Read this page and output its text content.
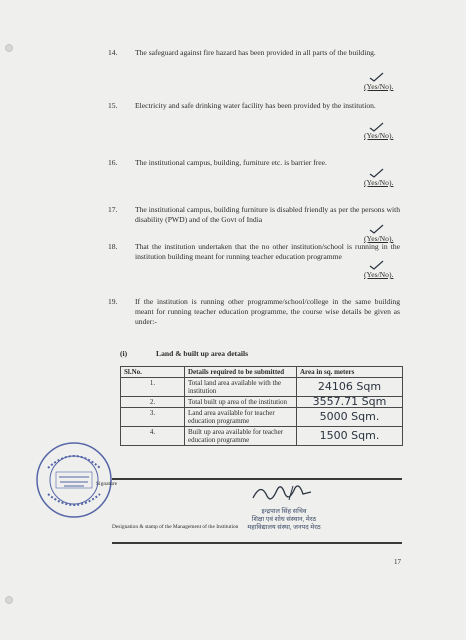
14. The safeguard against fire hazard has been provided in all parts of the building.
(Yes/No).
15. Electricity and safe drinking water facility has been provided by the institution.
(Yes/No).
16. The institutional campus, building, furniture etc. is barrier free.
(Yes/No).
17. The institutional campus, building furniture is disabled friendly as per the persons with disability (PWD) and of the Govt of India
(Yes/No).
18. That the institution undertaken that the no other institution/school is running in the institution building meant for running teacher education programme
(Yes/No).
19. If the institution is running other programme/school/college in the same building meant for running teacher education programme, the course wise details be given as under:-
(i)	Land & built up area details
Sl.No.	Details required to be submitted	Area in sq. meters
1.	Total land area available with the institution	24106 Sqm
2.	Total built up area of the institution	3557.71 Sqm
3.	Land area available for teacher education programme	5000 Sqm.
4.	Built up area available for teacher education programme	1500 Sqm.
Signature
इन्द्रपाल सिंह सचिव
शिक्षा एवं शोध संस्थान, मेरठ
महाविद्यालय संस्था, जनपद मेरठ
Designation & stamp of the Management of the Institution
17
